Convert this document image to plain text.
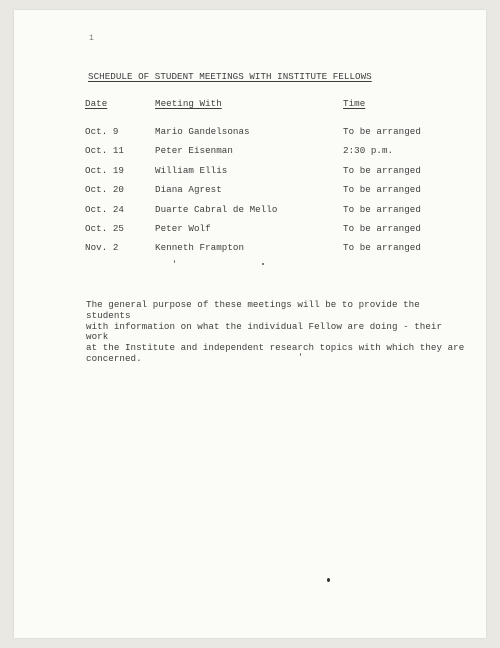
1
SCHEDULE OF STUDENT MEETINGS WITH INSTITUTE FELLOWS
Date	Meeting With	Time
Oct. 9	Mario Gandelsonas	To be arranged
Oct. 11	Peter Eisenman	2:30 p.m.
Oct. 19	William Ellis	To be arranged
Oct. 20	Diana Agrest	To be arranged
Oct. 24	Duarte Cabral de Mello	To be arranged
Oct. 25	Peter Wolf	To be arranged
Nov. 2	Kenneth Frampton	To be arranged
The general purpose of these meetings will be to provide the students
with information on what the individual Fellow are doing - their work
at the Institute and independent research topics with which they are
concerned.
